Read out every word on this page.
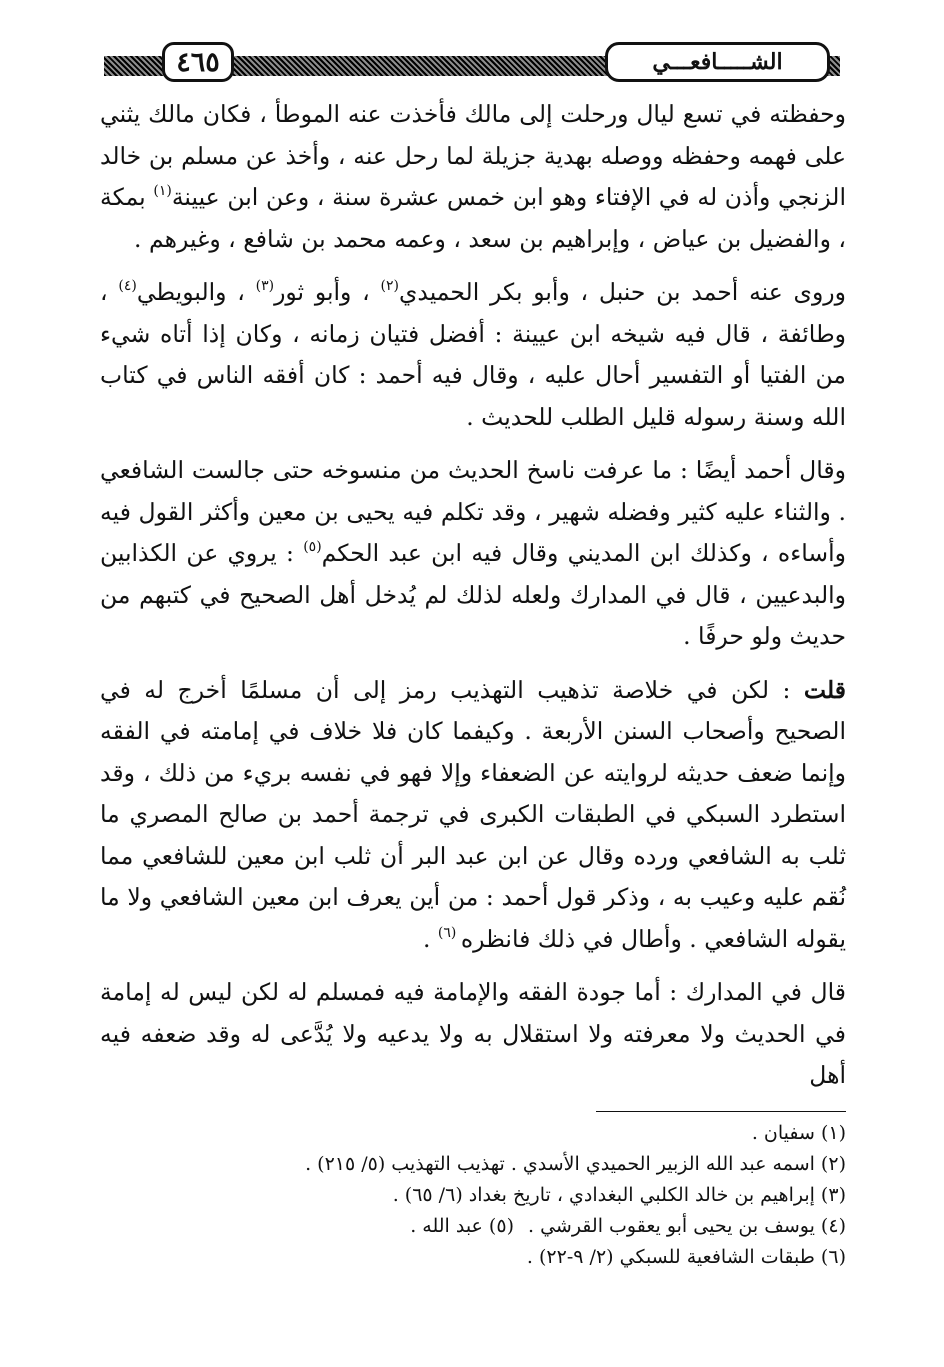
٤٦٥	الشـــــافعـــي

وحفظته في تسع ليال ورحلت إلى مالك فأخذت عنه الموطأ ، فكان مالك يثني على فهمه وحفظه ووصله بهدية جزيلة لما رحل عنه ، وأخذ عن مسلم بن خالد الزنجي وأذن له في الإفتاء وهو ابن خمس عشرة سنة ، وعن ابن عيينة$^{(١)}$ بمكة ، والفضيل بن عياض ، وإبراهيم بن سعد ، وعمه محمد بن شافع ، وغيرهم .

وروى عنه أحمد بن حنبل ، وأبو بكر الحميدي$^{(٢)}$ ، وأبو ثور$^{(٣)}$ ، والبويطي$^{(٤)}$ ، وطائفة ، قال فيه شيخه ابن عيينة : أفضل فتيان زمانه ، وكان إذا أتاه شيء من الفتيا أو التفسير أحال عليه ، وقال فيه أحمد : كان أفقه الناس في كتاب الله وسنة رسوله قليل الطلب للحديث .

وقال أحمد أيضًا : ما عرفت ناسخ الحديث من منسوخه حتى جالست الشافعي . والثناء عليه كثير وفضله شهير ، وقد تكلم فيه يحيى بن معين وأكثر القول فيه وأساءه ، وكذلك ابن المديني وقال فيه ابن عبد الحكم$^{(٥)}$ : يروي عن الكذابين والبدعيين ، قال في المدارك ولعله لذلك لم يُدخل أهل الصحيح في كتبهم من حديث ولو حرفًا .

قلت : لكن في خلاصة تذهيب التهذيب رمز إلى أن مسلمًا أخرج له في الصحيح وأصحاب السنن الأربعة . وكيفما كان فلا خلاف في إمامته في الفقه وإنما ضعف حديثه لروايته عن الضعفاء وإلا فهو في نفسه بريء من ذلك ، وقد استطرد السبكي في الطبقات الكبرى في ترجمة أحمد بن صالح المصري ما ثلب به الشافعي ورده وقال عن ابن عبد البر أن ثلب ابن معين للشافعي مما نُقم عليه وعيب به ، وذكر قول أحمد : من أين يعرف ابن معين الشافعي ولا ما يقوله الشافعي . وأطال في ذلك فانظره $^{(٦)}$ .

قال في المدارك : أما جودة الفقه والإمامة فيه فمسلم له لكن ليس له إمامة في الحديث ولا معرفته ولا استقلال به ولا يدعيه ولا يُدَّعى له وقد ضعفه فيه أهل

(١) سفيان .

(٢) اسمه عبد الله الزبير الحميدي الأسدي . تهذيب التهذيب (٥/ ٢١٥) .

(٣) إبراهيم بن خالد الكلبي البغدادي ، تاريخ بغداد (٦/ ٦٥) .

(٤) يوسف بن يحيى أبو يعقوب القرشي .

(٥) عبد الله .

(٦) طبقات الشافعية للسبكي (٢/ ٩-٢٢) .
